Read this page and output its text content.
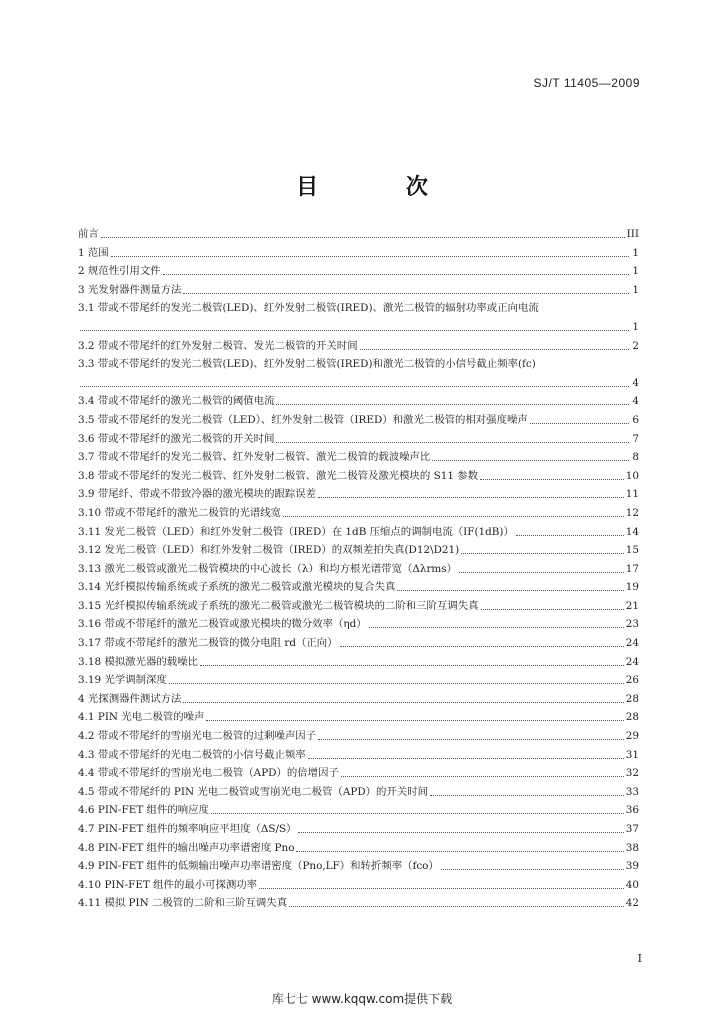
SJ/T 11405—2009
目 次
前言	III
1 范围	1
2 规范性引用文件	1
3 光发射器件测量方法	1
3.1 带或不带尾纤的发光二极管(LED)、红外发射二极管(IRED)、激光二极管的辐射功率或正向电流
1
3.2 带或不带尾纤的红外发射二极管、发光二极管的开关时间	2
3.3 带或不带尾纤的发光二极管(LED)、红外发射二极管(IRED)和激光二极管的小信号截止频率(fc)
4
3.4 带或不带尾纤的激光二极管的阈值电流	4
3.5 带或不带尾纤的发光二极管（LED）、红外发射二极管（IRED）和激光二极管的相对强度噪声	6
3.6 带或不带尾纤的激光二极管的开关时间	7
3.7 带或不带尾纤的发光二极管、红外发射二极管、激光二极管的载波噪声比	8
3.8 带或不带尾纤的发光二极管、红外发射二极管、激光二极管及激光模块的 S11 参数	10
3.9 带尾纤、带或不带致冷器的激光模块的跟踪误差	11
3.10 带或不带尾纤的激光二极管的光谱线宽	12
3.11 发光二极管（LED）和红外发射二极管（IRED）在 1dB 压缩点的调制电流（IF(1dB)）	14
3.12 发光二极管（LED）和红外发射二极管（IRED）的双频差拍失真(D12\D21)	15
3.13 激光二极管或激光二极管模块的中心波长（λ）和均方根光谱带宽（Δλrms）	17
3.14 光纤模拟传输系统或子系统的激光二极管或激光模块的复合失真	19
3.15 光纤模拟传输系统或子系统的激光二极管或激光二极管模块的二阶和三阶互调失真	21
3.16 带或不带尾纤的激光二极管或激光模块的微分效率（ηd）	23
3.17 带或不带尾纤的激光二极管的微分电阻 rd（正向）	24
3.18 模拟激光器的载噪比	24
3.19 光学调制深度	26
4 光探测器件测试方法	28
4.1 PIN 光电二极管的噪声	28
4.2 带或不带尾纤的雪崩光电二极管的过剩噪声因子	29
4.3 带或不带尾纤的光电二极管的小信号截止频率	31
4.4 带或不带尾纤的雪崩光电二极管（APD）的倍增因子	32
4.5 带或不带尾纤的 PIN 光电二极管或雪崩光电二极管（APD）的开关时间	33
4.6 PIN-FET 组件的响应度	36
4.7 PIN-FET 组件的频率响应平坦度（ΔS/S）	37
4.8 PIN-FET 组件的输出噪声功率谱密度 Pno	38
4.9 PIN-FET 组件的低频输出噪声功率谱密度（Pno,LF）和转折频率（fco）	39
4.10 PIN-FET 组件的最小可探测功率	40
4.11 模拟 PIN 二极管的二阶和三阶互调失真	42
I
库七七 www.kqqw.com提供下载
